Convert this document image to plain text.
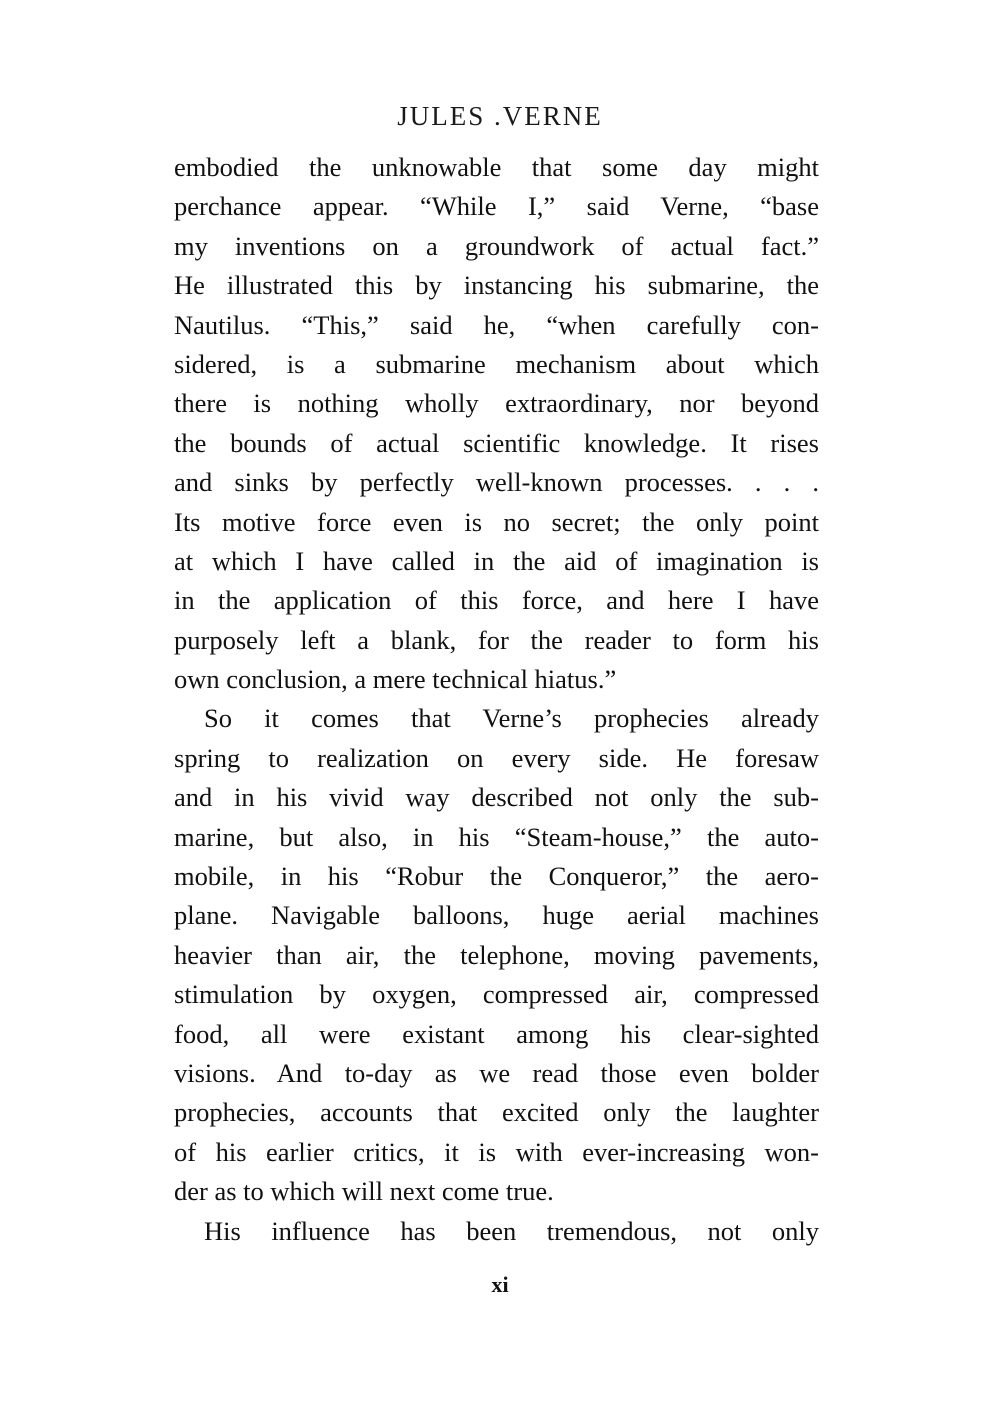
JULES .VERNE
embodied the unknowable that some day might
perchance appear. “While I,” said Verne, “base
my inventions on a groundwork of actual fact.”
He illustrated this by instancing his submarine, the
Nautilus. “This,” said he, “when carefully con-
sidered, is a submarine mechanism about which
there is nothing wholly extraordinary, nor beyond
the bounds of actual scientific knowledge. It rises
and sinks by perfectly well-known processes. . . .
Its motive force even is no secret; the only point
at which I have called in the aid of imagination is
in the application of this force, and here I have
purposely left a blank, for the reader to form his
own conclusion, a mere technical hiatus.”
So it comes that Verne’s prophecies already
spring to realization on every side. He foresaw
and in his vivid way described not only the sub-
marine, but also, in his “Steam-house,” the auto-
mobile, in his “Robur the Conqueror,” the aero-
plane. Navigable balloons, huge aerial machines
heavier than air, the telephone, moving pavements,
stimulation by oxygen, compressed air, compressed
food, all were existant among his clear-sighted
visions. And to-day as we read those even bolder
prophecies, accounts that excited only the laughter
of his earlier critics, it is with ever-increasing won-
der as to which will next come true.
His influence has been tremendous, not only
xi
